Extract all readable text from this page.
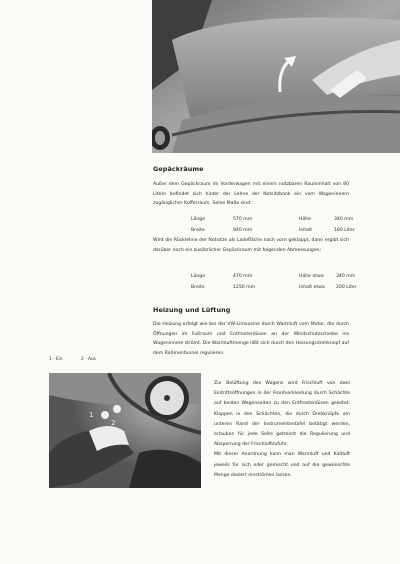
Gepäckräume
Außer dem Gepäckraum im Vorderwagen mit einem nutzbaren Rauminhalt von 80 Litern befindet sich hinter der Lehne der Notsitzbank ein vom Wageninnern zugänglicher Kofferraum. Seine Maße sind:
Länge	570 mm	Höhe	340 mm
Breite	940 mm	Inhalt	180 Liter
Wird die Rücklehne der Notsitze als Ladefläche nach vorn geklappt, dann ergibt sich darüber noch ein zusätzlicher Gepäckraum mit folgenden Abmessungen:
Länge	470 mm	Höhe etwa	340 mm
Breite	1250 mm	Inhalt etwa	200 Liter
Heizung und Lüftung
Die Heizung erfolgt wie bei der VW-Limousine durch Warmluft vom Motor, die durch Öffnungen im Fußraum und Entfrosterdüsen an der Windschutzscheibe ins Wageninnere strömt. Die Warmluftmenge läßt sich durch den Heizungsdrehknopf auf dem Rahmentunnel regulieren.
1 - Ein	2 - Aus
1
2

Zur Belüftung des Wagens wird Frischluft von zwei Eintrittsöffnungen in der Frontverkleidung durch Schächte auf beiden Wagenseiten zu den Entfrosterdüsen geleitet. Klappen in den Schächten, die durch Drehknöpfe am unteren Rand der Instrumententafel betätigt werden, erlauben für jede Seite getrennt die Regulierung und Absperrung der Frischluftzufuhr.

Mit dieser Anordnung kann man Warmluft und Kaltluft jeweils für sich oder gemischt und auf die gewünschte Menge dosiert einströmen lassen.
